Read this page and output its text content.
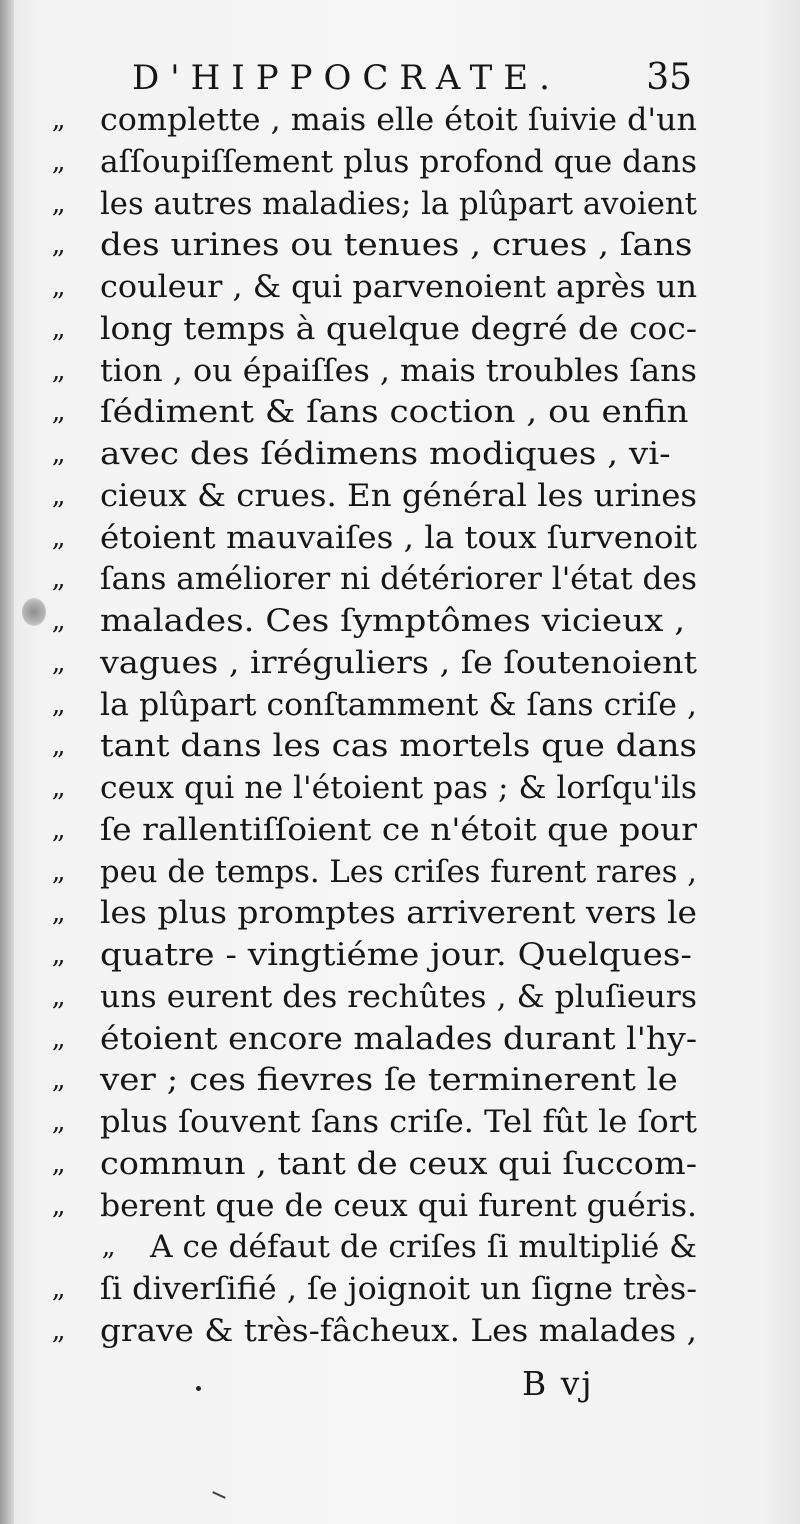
D'HIPPOCRATE. 35
,,	complette , mais elle étoit ſuivie d'un
,,	aſſoupiſſement plus profond que dans
,,	les autres maladies; la plûpart avoient
,,	des urines ou tenues , crues , ſans
,,	couleur , & qui parvenoient après un
,,	long temps à quelque degré de coc-
,,	tion , ou épaiſſes , mais troubles ſans
,,	ſédiment & ſans coction , ou enfin
,,	avec des ſédimens modiques , vi-
,,	cieux & crues. En général les urines
,,	étoient mauvaiſes , la toux ſurvenoit
,,	ſans améliorer ni détériorer l'état des
,,	malades. Ces ſymptômes vicieux ,
,,	vagues , irréguliers , ſe ſoutenoient
,,	la plûpart conſtamment & ſans criſe ,
,,	tant dans les cas mortels que dans
,,	ceux qui ne l'étoient pas ; & lorſqu'ils
,,	ſe rallentiſſoient ce n'étoit que pour
,,	peu de temps. Les criſes furent rares ,
,,	les plus promptes arriverent vers le
,,	quatre - vingtiéme jour. Quelques-
,,	uns eurent des rechûtes , & pluſieurs
,,	étoient encore malades durant l'hy-
,,	ver ; ces fievres ſe terminerent le
,,	plus ſouvent ſans criſe. Tel fût le ſort
,,	commun , tant de ceux qui ſuccom-
,,	berent que de ceux qui furent guéris.
,,	A ce défaut de criſes ſi multiplié &
,,	ſi diverſifié , ſe joignoit un ſigne très-
,,	grave & très-fâcheux. Les malades ,
B vj
